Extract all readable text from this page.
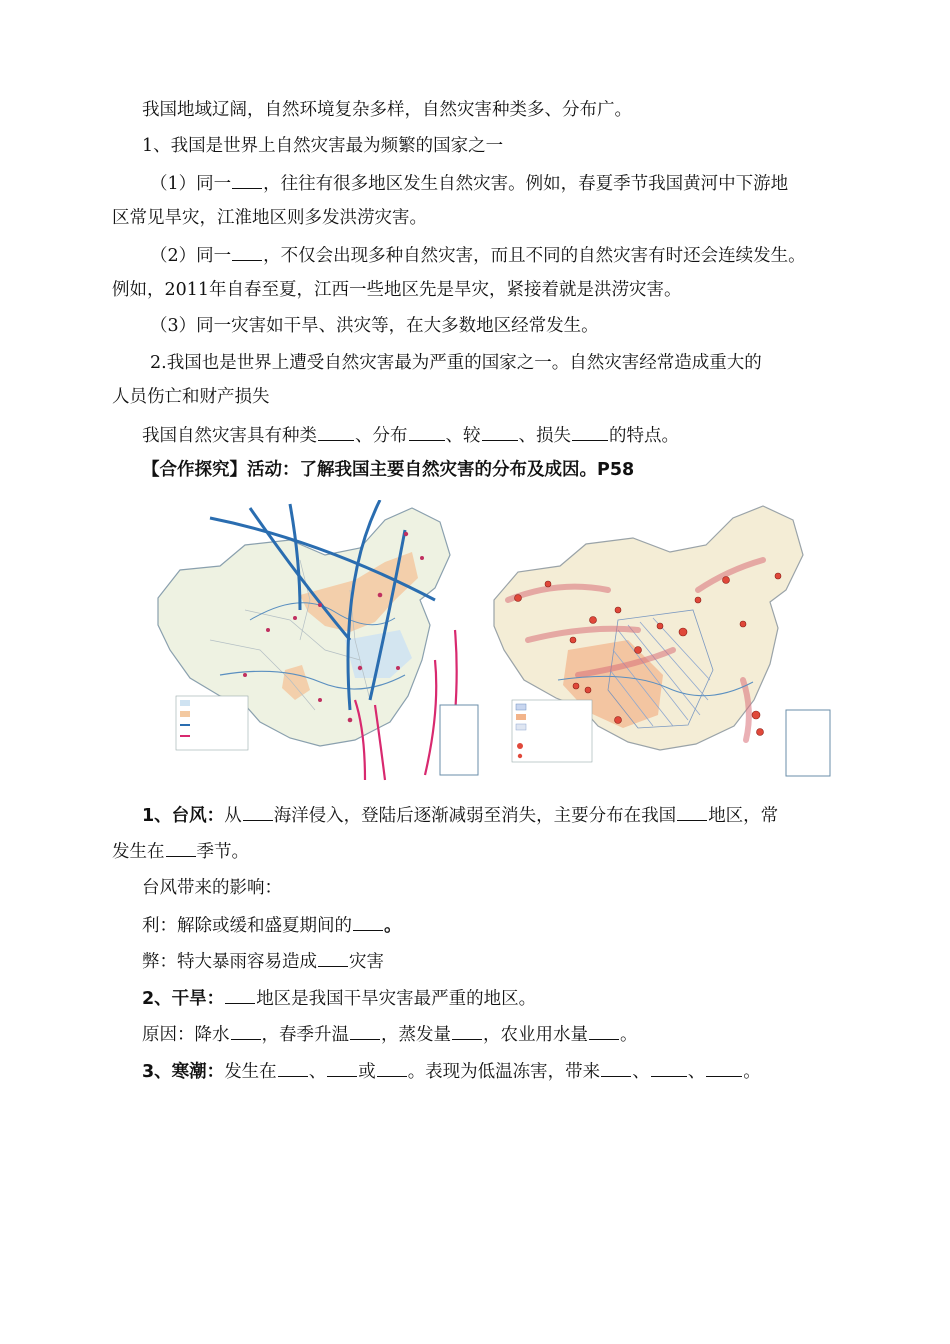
我国地域辽阔，自然环境复杂多样，自然灾害种类多、分布广。
1、我国是世界上自然灾害最为频繁的国家之一
（1）同一 ，往往有很多地区发生自然灾害。例如，春夏季节我国黄河中下游地
区常见旱灾，江淮地区则多发洪涝灾害。
（2）同一 ，不仅会出现多种自然灾害，而且不同的自然灾害有时还会连续发生。
例如，2011年自春至夏，江西一些地区先是旱灾，紧接着就是洪涝灾害。
（3）同一灾害如干旱、洪灾等，在大多数地区经常发生。
2.我国也是世界上遭受自然灾害最为严重的国家之一。自然灾害经常造成重大的
人员伤亡和财产损失
我国自然灾害具有种类 、分布 、较 、损失 的特点。
【合作探究】活动：了解我国主要自然灾害的分布及成因。P58
1、台风：从 海洋侵入，登陆后逐渐减弱至消失，主要分布在我国 地区，常
发生在 季节。
台风带来的影响：
利：解除或缓和盛夏期间的 。
弊：特大暴雨容易造成 灾害
2、干旱： 地区是我国干旱灾害最严重的地区。
原因：降水 ，春季升温 ，蒸发量 ，农业用水量 。
3、寒潮：发生在 、 或 。表现为低温冻害，带来 、 、 。
